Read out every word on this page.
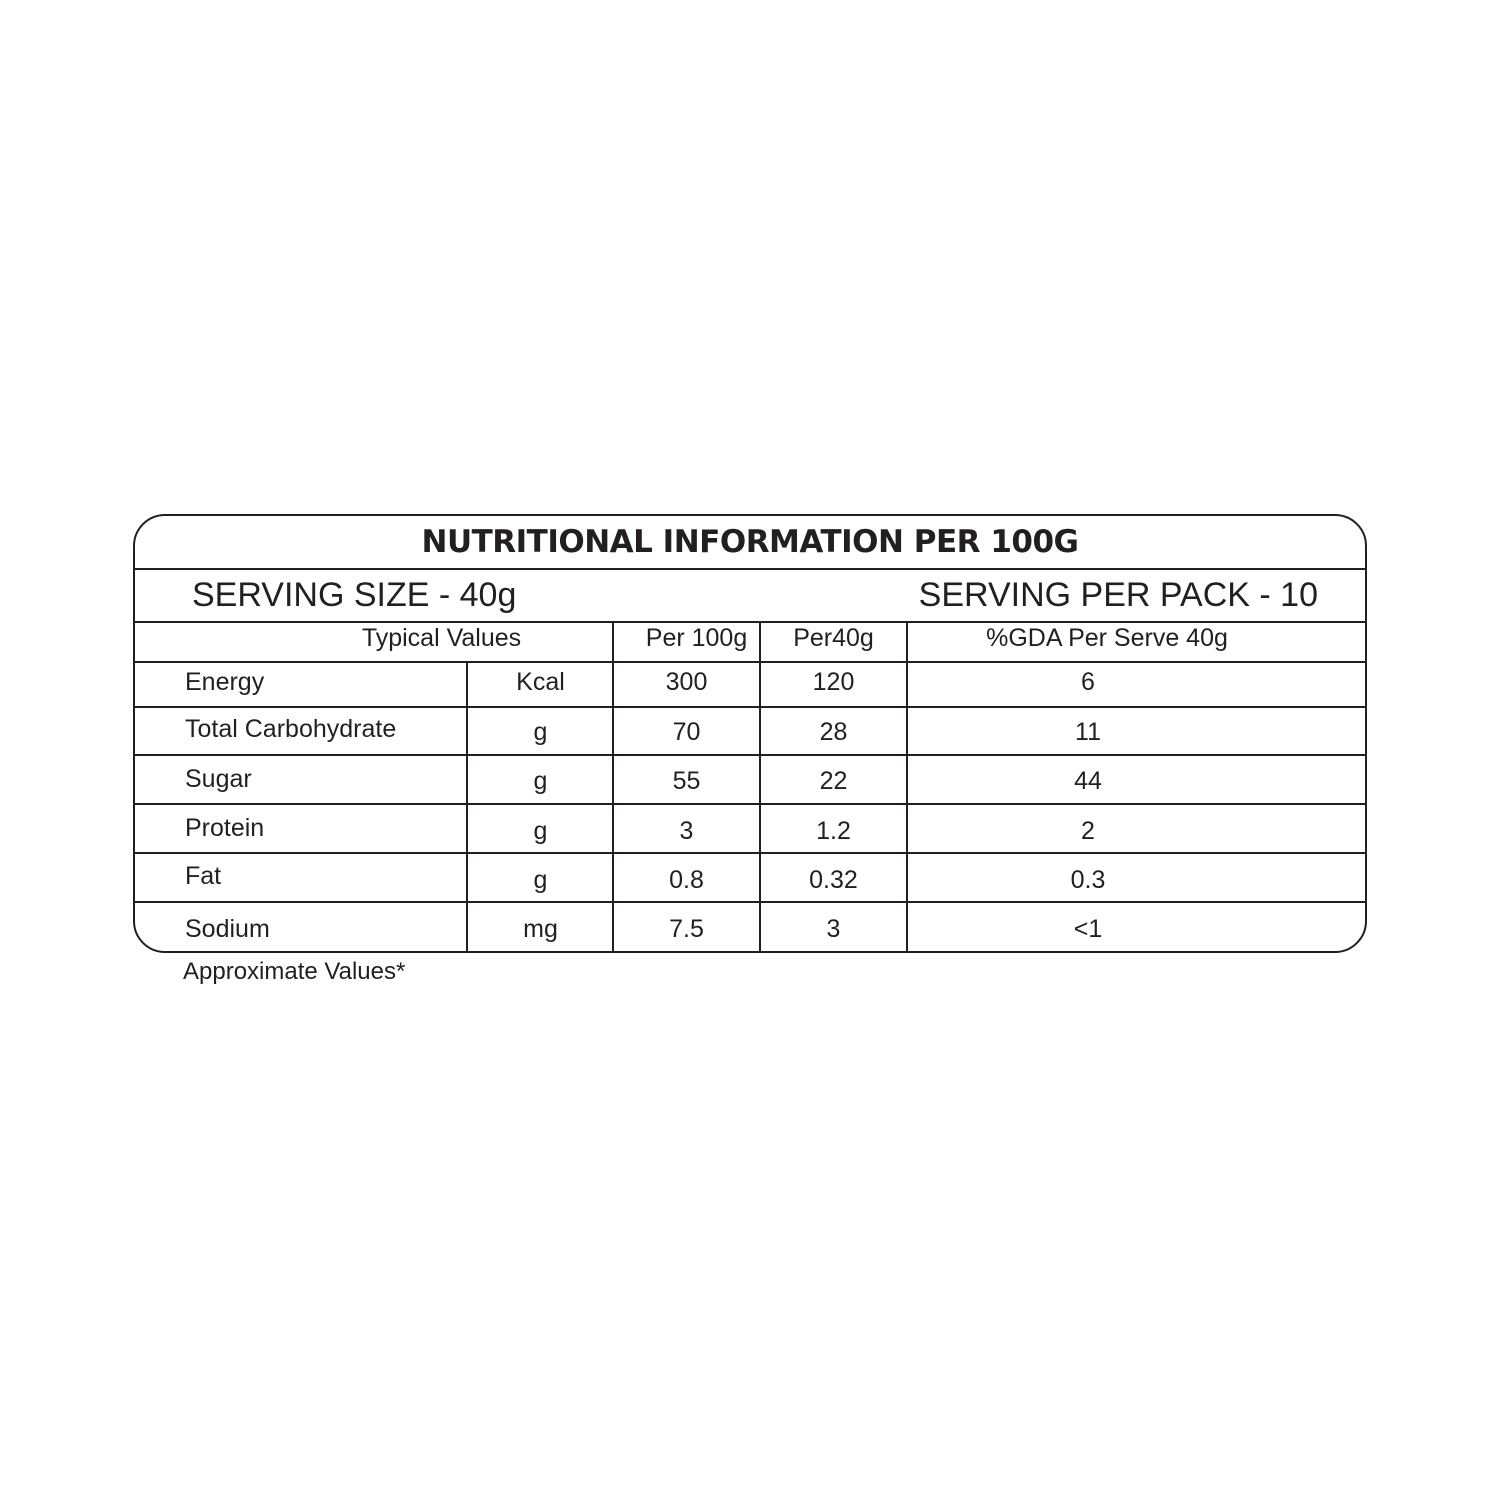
NUTRITIONAL INFORMATION PER 100G
SERVING SIZE - 40g	SERVING PER PACK - 10
Typical Values	Per 100g	Per40g	%GDA Per Serve 40g
Energy	Kcal	300	120	6
Total Carbohydrate	g	70	28	11
Sugar	g	55	22	44
Protein	g	3	1.2	2
Fat	g	0.8	0.32	0.3
Sodium	mg	7.5	3	<1
Approximate Values*
